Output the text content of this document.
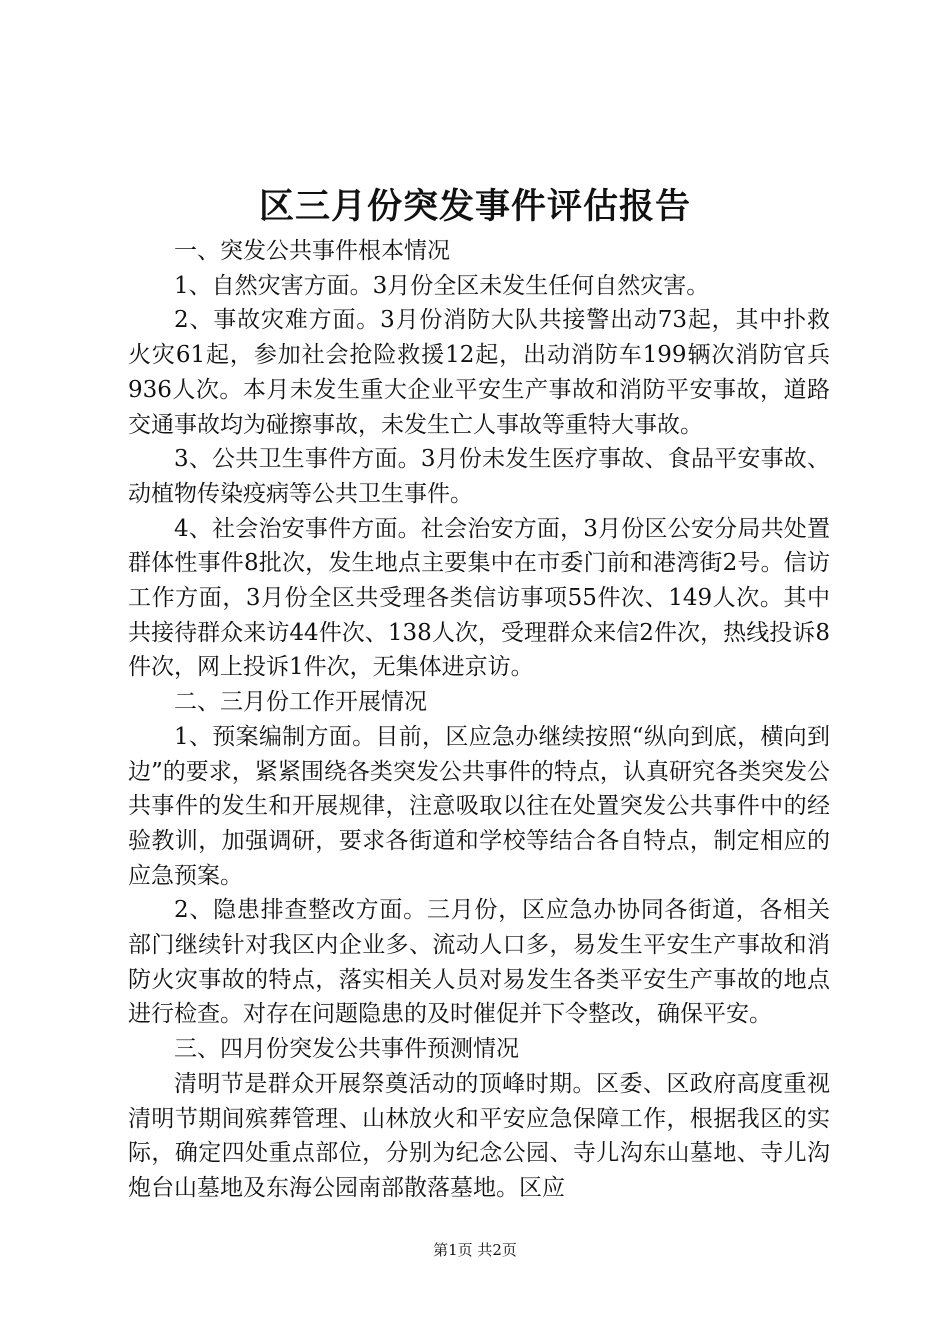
区三月份突发事件评估报告

一、突发公共事件根本情况

1、自然灾害方面。3月份全区未发生任何自然灾害。

2、事故灾难方面。3月份消防大队共接警出动73起，其中扑救火灾61起，参加社会抢险救援12起，出动消防车199辆次消防官兵936人次。本月未发生重大企业平安生产事故和消防平安事故，道路交通事故均为碰擦事故，未发生亡人事故等重特大事故。

3、公共卫生事件方面。3月份未发生医疗事故、食品平安事故、动植物传染疫病等公共卫生事件。

4、社会治安事件方面。社会治安方面，3月份区公安分局共处置群体性事件8批次，发生地点主要集中在市委门前和港湾街2号。信访工作方面，3月份全区共受理各类信访事项55件次、149人次。其中共接待群众来访44件次、138人次，受理群众来信2件次，热线投诉8件次，网上投诉1件次，无集体进京访。

二、三月份工作开展情况

1、预案编制方面。目前，区应急办继续按照“纵向到底，横向到边”的要求，紧紧围绕各类突发公共事件的特点，认真研究各类突发公共事件的发生和开展规律，注意吸取以往在处置突发公共事件中的经验教训，加强调研，要求各街道和学校等结合各自特点，制定相应的应急预案。

2、隐患排查整改方面。三月份，区应急办协同各街道，各相关部门继续针对我区内企业多、流动人口多，易发生平安生产事故和消防火灾事故的特点，落实相关人员对易发生各类平安生产事故的地点进行检查。对存在问题隐患的及时催促并下令整改，确保平安。

三、四月份突发公共事件预测情况

清明节是群众开展祭奠活动的顶峰时期。区委、区政府高度重视清明节期间殡葬管理、山林放火和平安应急保障工作，根据我区的实际，确定四处重点部位，分别为纪念公园、寺儿沟东山墓地、寺儿沟炮台山墓地及东海公园南部散落墓地。区应

第1页 共2页
